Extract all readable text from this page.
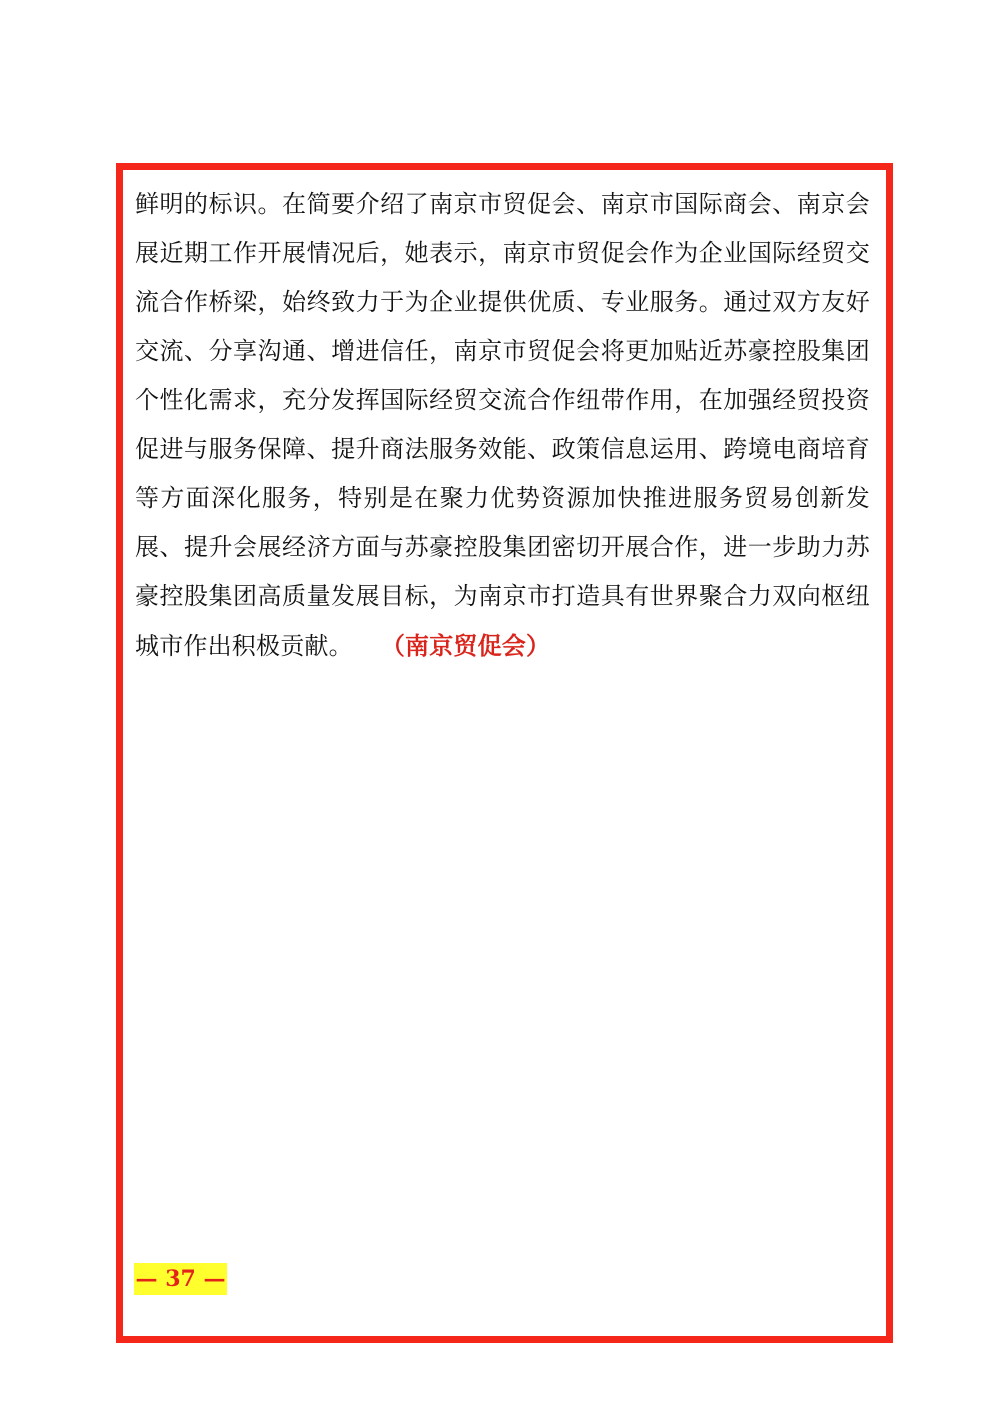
鲜明的标识。在简要介绍了南京市贸促会、南京市国际商会、南京会展近期工作开展情况后，她表示，南京市贸促会作为企业国际经贸交流合作桥梁，始终致力于为企业提供优质、专业服务。通过双方友好交流、分享沟通、增进信任，南京市贸促会将更加贴近苏豪控股集团个性化需求，充分发挥国际经贸交流合作纽带作用，在加强经贸投资促进与服务保障、提升商法服务效能、政策信息运用、跨境电商培育等方面深化服务，特别是在聚力优势资源加快推进服务贸易创新发展、提升会展经济方面与苏豪控股集团密切开展合作，进一步助力苏豪控股集团高质量发展目标，为南京市打造具有世界聚合力双向枢纽城市作出积极贡献。 （南京贸促会）

— 37 —
